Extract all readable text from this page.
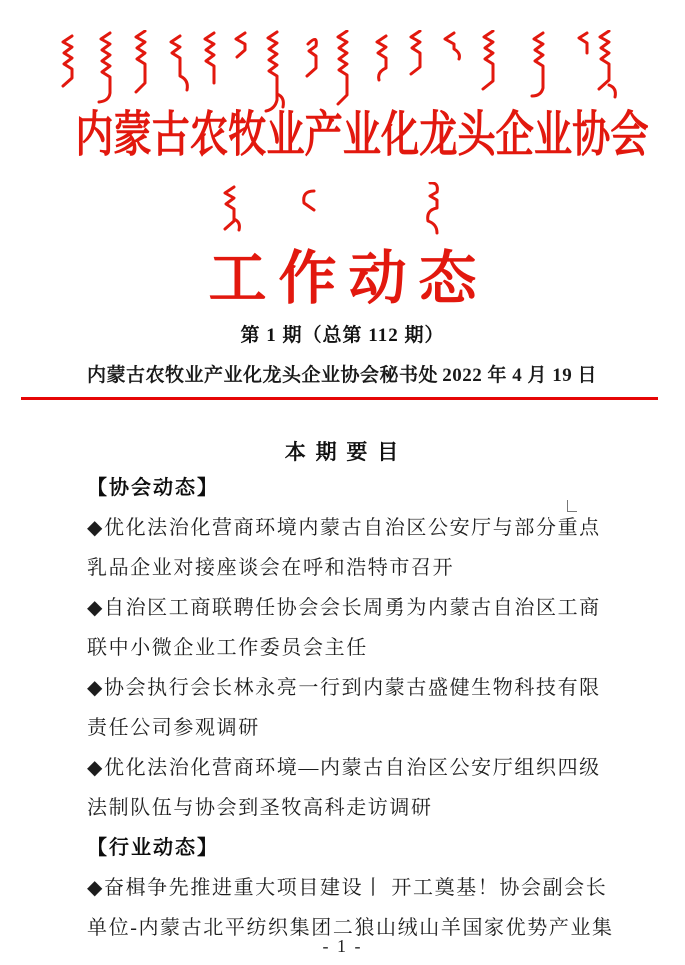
内蒙古农牧业产业化龙头企业协会
工作动态
第 1 期（总第 112 期）
内蒙古农牧业产业化龙头企业协会秘书处 2022 年 4 月 19 日
本 期 要 目
【协会动态】
◆优化法治化营商环境内蒙古自治区公安厅与部分重点
乳品企业对接座谈会在呼和浩特市召开
◆自治区工商联聘任协会会长周勇为内蒙古自治区工商
联中小微企业工作委员会主任
◆协会执行会长林永亮一行到内蒙古盛健生物科技有限
责任公司参观调研
◆优化法治化营商环境—内蒙古自治区公安厅组织四级
法制队伍与协会到圣牧高科走访调研
【行业动态】
◆奋楫争先推进重大项目建设丨 开工奠基！协会副会长
单位-内蒙古北平纺织集团二狼山绒山羊国家优势产业集
- 1 -
